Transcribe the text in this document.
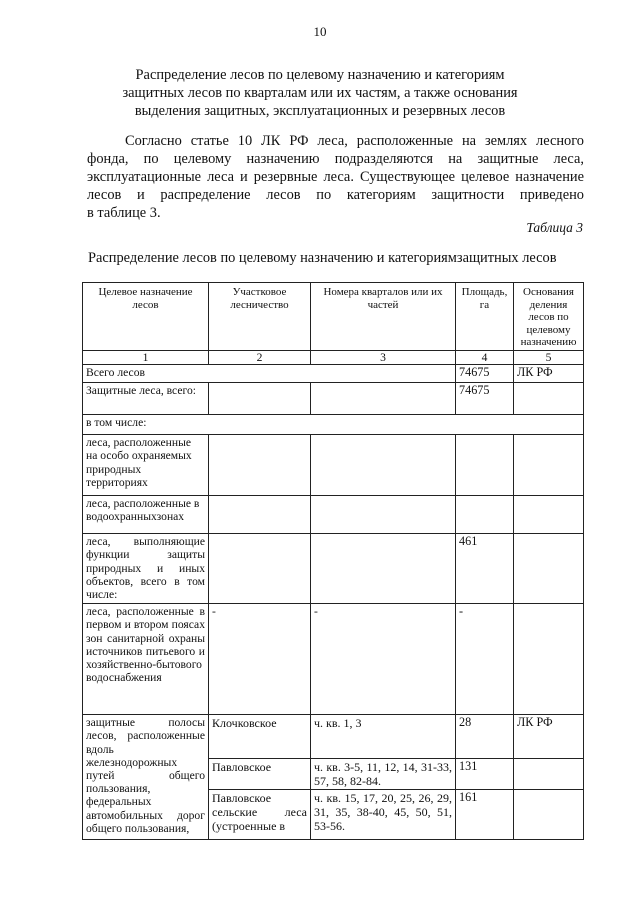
10
Распределение лесов по целевому назначению и категориям
защитных лесов по кварталам или их частям, а также основания
выделения защитных, эксплуатационных и резервных лесов
Согласно статье 10 ЛК РФ леса, расположенные на землях лесного
фонда, по целевому назначению подразделяются на защитные леса,
эксплуатационные леса и резервные леса. Существующее целевое назначение
лесов и распределение лесов по категориям защитности приведено
в таблице 3.
Таблица 3
Распределение лесов по целевому назначению и категориямзащитных лесов
Целевое назначение лесов	Участковое лесничество	Номера кварталов или их частей	Площадь, га	Основания деления лесов по целевому назначению
1	2	3	4	5
Всего лесов			74675	ЛК РФ
Защитные леса, всего:			74675	
в том числе:				
леса, расположенные на особо охраняемых природных территориях				
леса, расположенные в водоохранныхзонах				
леса, выполняющие функции защиты природных и иных объектов, всего в том числе:			461	
леса, расположенные в первом и втором поясах зон санитарной охраны источников питьевого и хозяйственно-бытового водоснабжения	-	-	-	
защитные полосы лесов, расположенные вдоль железнодорожных путей общего пользования, федеральных автомобильных дорог общего пользования,	Клочковское	ч. кв. 1, 3	28	ЛК РФ
	Павловское	ч. кв. 3-5, 11, 12, 14, 31-33, 57, 58, 82-84.	131	
	Павловское сельские леса (устроенные в	ч. кв. 15, 17, 20, 25, 26, 29, 31, 35, 38-40, 45, 50, 51, 53-56.	161	
